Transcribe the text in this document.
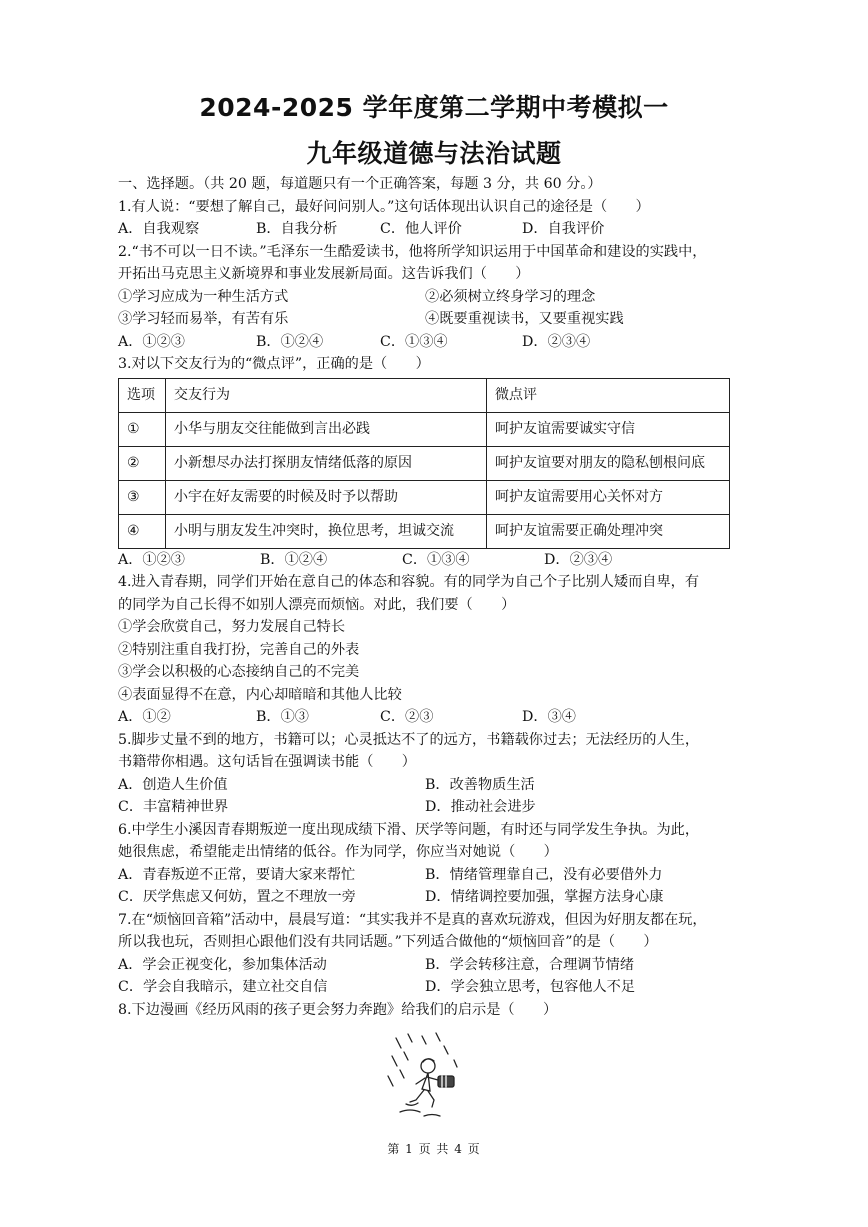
2024-2025 学年度第二学期中考模拟一
九年级道德与法治试题
一、选择题。（共 20 题，每道题只有一个正确答案，每题 3 分，共 60 分。）
1.有人说：“要想了解自己，最好问问别人。”这句话体现出认识自己的途径是（　　）
A．自我观察	B．自我分析	C．他人评价	D．自我评价
2.“书不可以一日不读。”毛泽东一生酷爱读书，他将所学知识运用于中国革命和建设的实践中，
开拓出马克思主义新境界和事业发展新局面。这告诉我们（　　）
①学习应成为一种生活方式	②必须树立终身学习的理念
③学习轻而易举，有苦有乐	④既要重视读书，又要重视实践
A．①②③	B．①②④	C．①③④	D．②③④
3.对以下交友行为的“微点评”，正确的是（　　）
选项	交友行为	微点评
①	小华与朋友交往能做到言出必践	呵护友谊需要诚实守信
②	小新想尽办法打探朋友情绪低落的原因	呵护友谊要对朋友的隐私刨根问底
③	小宇在好友需要的时候及时予以帮助	呵护友谊需要用心关怀对方
④	小明与朋友发生冲突时，换位思考，坦诚交流	呵护友谊需要正确处理冲突
A．①②③	B．①②④	C．①③④	D．②③④
4.进入青春期，同学们开始在意自己的体态和容貌。有的同学为自己个子比别人矮而自卑，有
的同学为自己长得不如别人漂亮而烦恼。对此，我们要（　　）
①学会欣赏自己，努力发展自己特长
②特别注重自我打扮，完善自己的外表
③学会以积极的心态接纳自己的不完美
④表面显得不在意，内心却暗暗和其他人比较
A．①②	B．①③	C．②③	D．③④
5.脚步丈量不到的地方，书籍可以；心灵抵达不了的远方，书籍载你过去；无法经历的人生，
书籍带你相遇。这句话旨在强调读书能（　　）
A．创造人生价值	B．改善物质生活
C．丰富精神世界	D．推动社会进步
6.中学生小溪因青春期叛逆一度出现成绩下滑、厌学等问题，有时还与同学发生争执。为此，
她很焦虑，希望能走出情绪的低谷。作为同学，你应当对她说（　　）
A．青春叛逆不正常，要请大家来帮忙	B．情绪管理靠自己，没有必要借外力
C．厌学焦虑又何妨，置之不理放一旁	D．情绪调控要加强，掌握方法身心康
7.在“烦恼回音箱”活动中，晨晨写道：“其实我并不是真的喜欢玩游戏，但因为好朋友都在玩，
所以我也玩，否则担心跟他们没有共同话题。”下列适合做他的“烦恼回音”的是（　　）
A．学会正视变化，参加集体活动	B．学会转移注意，合理调节情绪
C．学会自我暗示，建立社交自信	D．学会独立思考，包容他人不足
8.下边漫画《经历风雨的孩子更会努力奔跑》给我们的启示是（　　）
第 1 页 共 4 页
